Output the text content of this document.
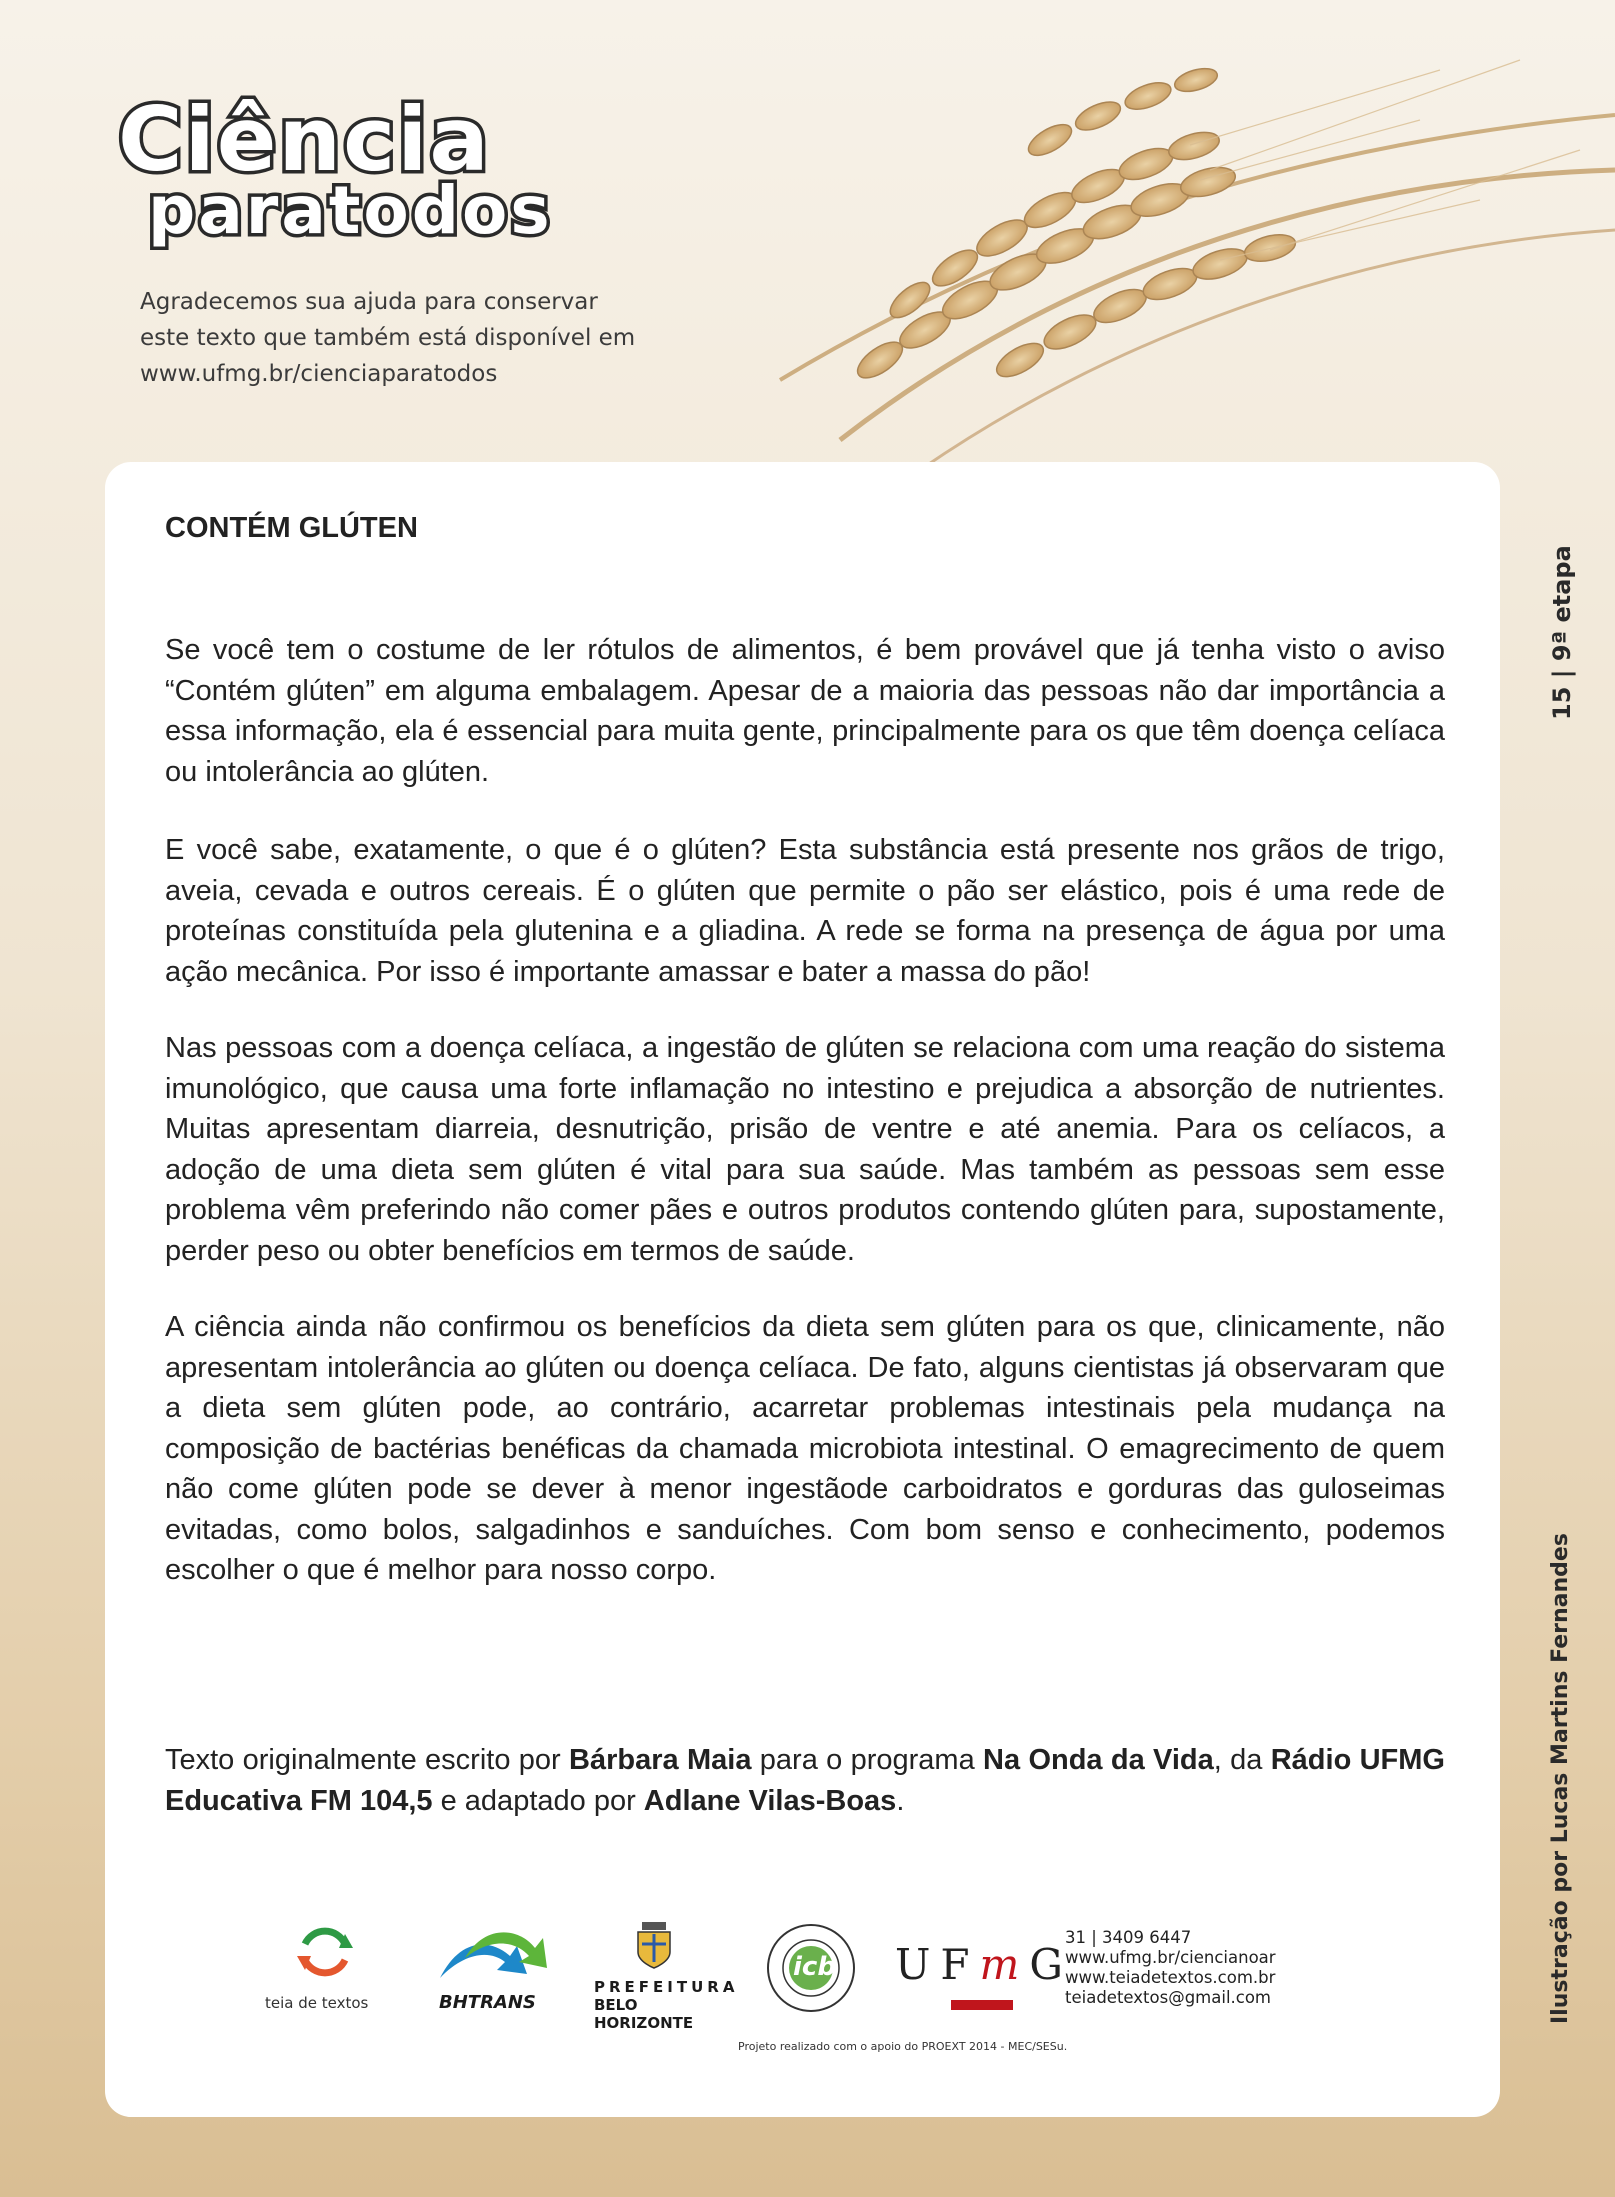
Ciência
paratodos
Agradecemos sua ajuda para conservar
este texto que também está disponível em
www.ufmg.br/cienciaparatodos
15 | 9ª etapa
Ilustração por Lucas Martins Fernandes
CONTÉM GLÚTEN
Se você tem o costume de ler rótulos de alimentos, é bem provável que já tenha visto o aviso “Contém glúten” em alguma embalagem. Apesar de a maioria das pessoas não dar importância a essa informação, ela é essencial para muita gente, principalmente para os que têm doença celíaca ou intolerância ao glúten.
E você sabe, exatamente, o que é o glúten? Esta substância está presente nos grãos de trigo, aveia, cevada e outros cereais. É o glúten que permite o pão ser elástico, pois é uma rede de proteínas constituída pela glutenina e a gliadina. A rede se forma na presença de água por uma ação mecânica. Por isso é importante amassar e bater a massa do pão!
Nas pessoas com a doença celíaca, a ingestão de glúten se relaciona com uma reação do sistema imunológico, que causa uma forte inflamação no intestino e prejudica a absorção de nutrientes. Muitas apresentam diarreia, desnutrição, prisão de ventre e até anemia. Para os celíacos, a adoção de uma dieta sem glúten é vital para sua saúde. Mas também as pessoas sem esse problema vêm preferindo não comer pães e outros produtos contendo glúten para, supostamente, perder peso ou obter benefícios em termos de saúde.
A ciência ainda não confirmou os benefícios da dieta sem glúten para os que, clinicamente, não apresentam intolerância ao glúten ou doença celíaca. De fato, alguns cientistas já observaram que a dieta sem glúten pode, ao contrário, acarretar problemas intestinais pela mudança na composição de bactérias benéficas da chamada microbiota intestinal. O emagrecimento de quem não come glúten pode se dever à menor ingestãode carboidratos e gorduras das guloseimas evitadas, como bolos, salgadinhos e sanduíches. Com bom senso e conhecimento, podemos escolher o que é melhor para nosso corpo.
Texto originalmente escrito por Bárbara Maia para o programa Na Onda da Vida, da Rádio UFMG Educativa FM 104,5 e adaptado por Adlane Vilas-Boas.
teia de textos	BHTRANS
PREFEITURA
BELO HORIZONTE
icb UFmG
Projeto realizado com o apoio do PROEXT 2014 - MEC/SESu.
31 | 3409 6447
www.ufmg.br/ciencianoar
www.teiadetextos.com.br
teiadetextos@gmail.com
